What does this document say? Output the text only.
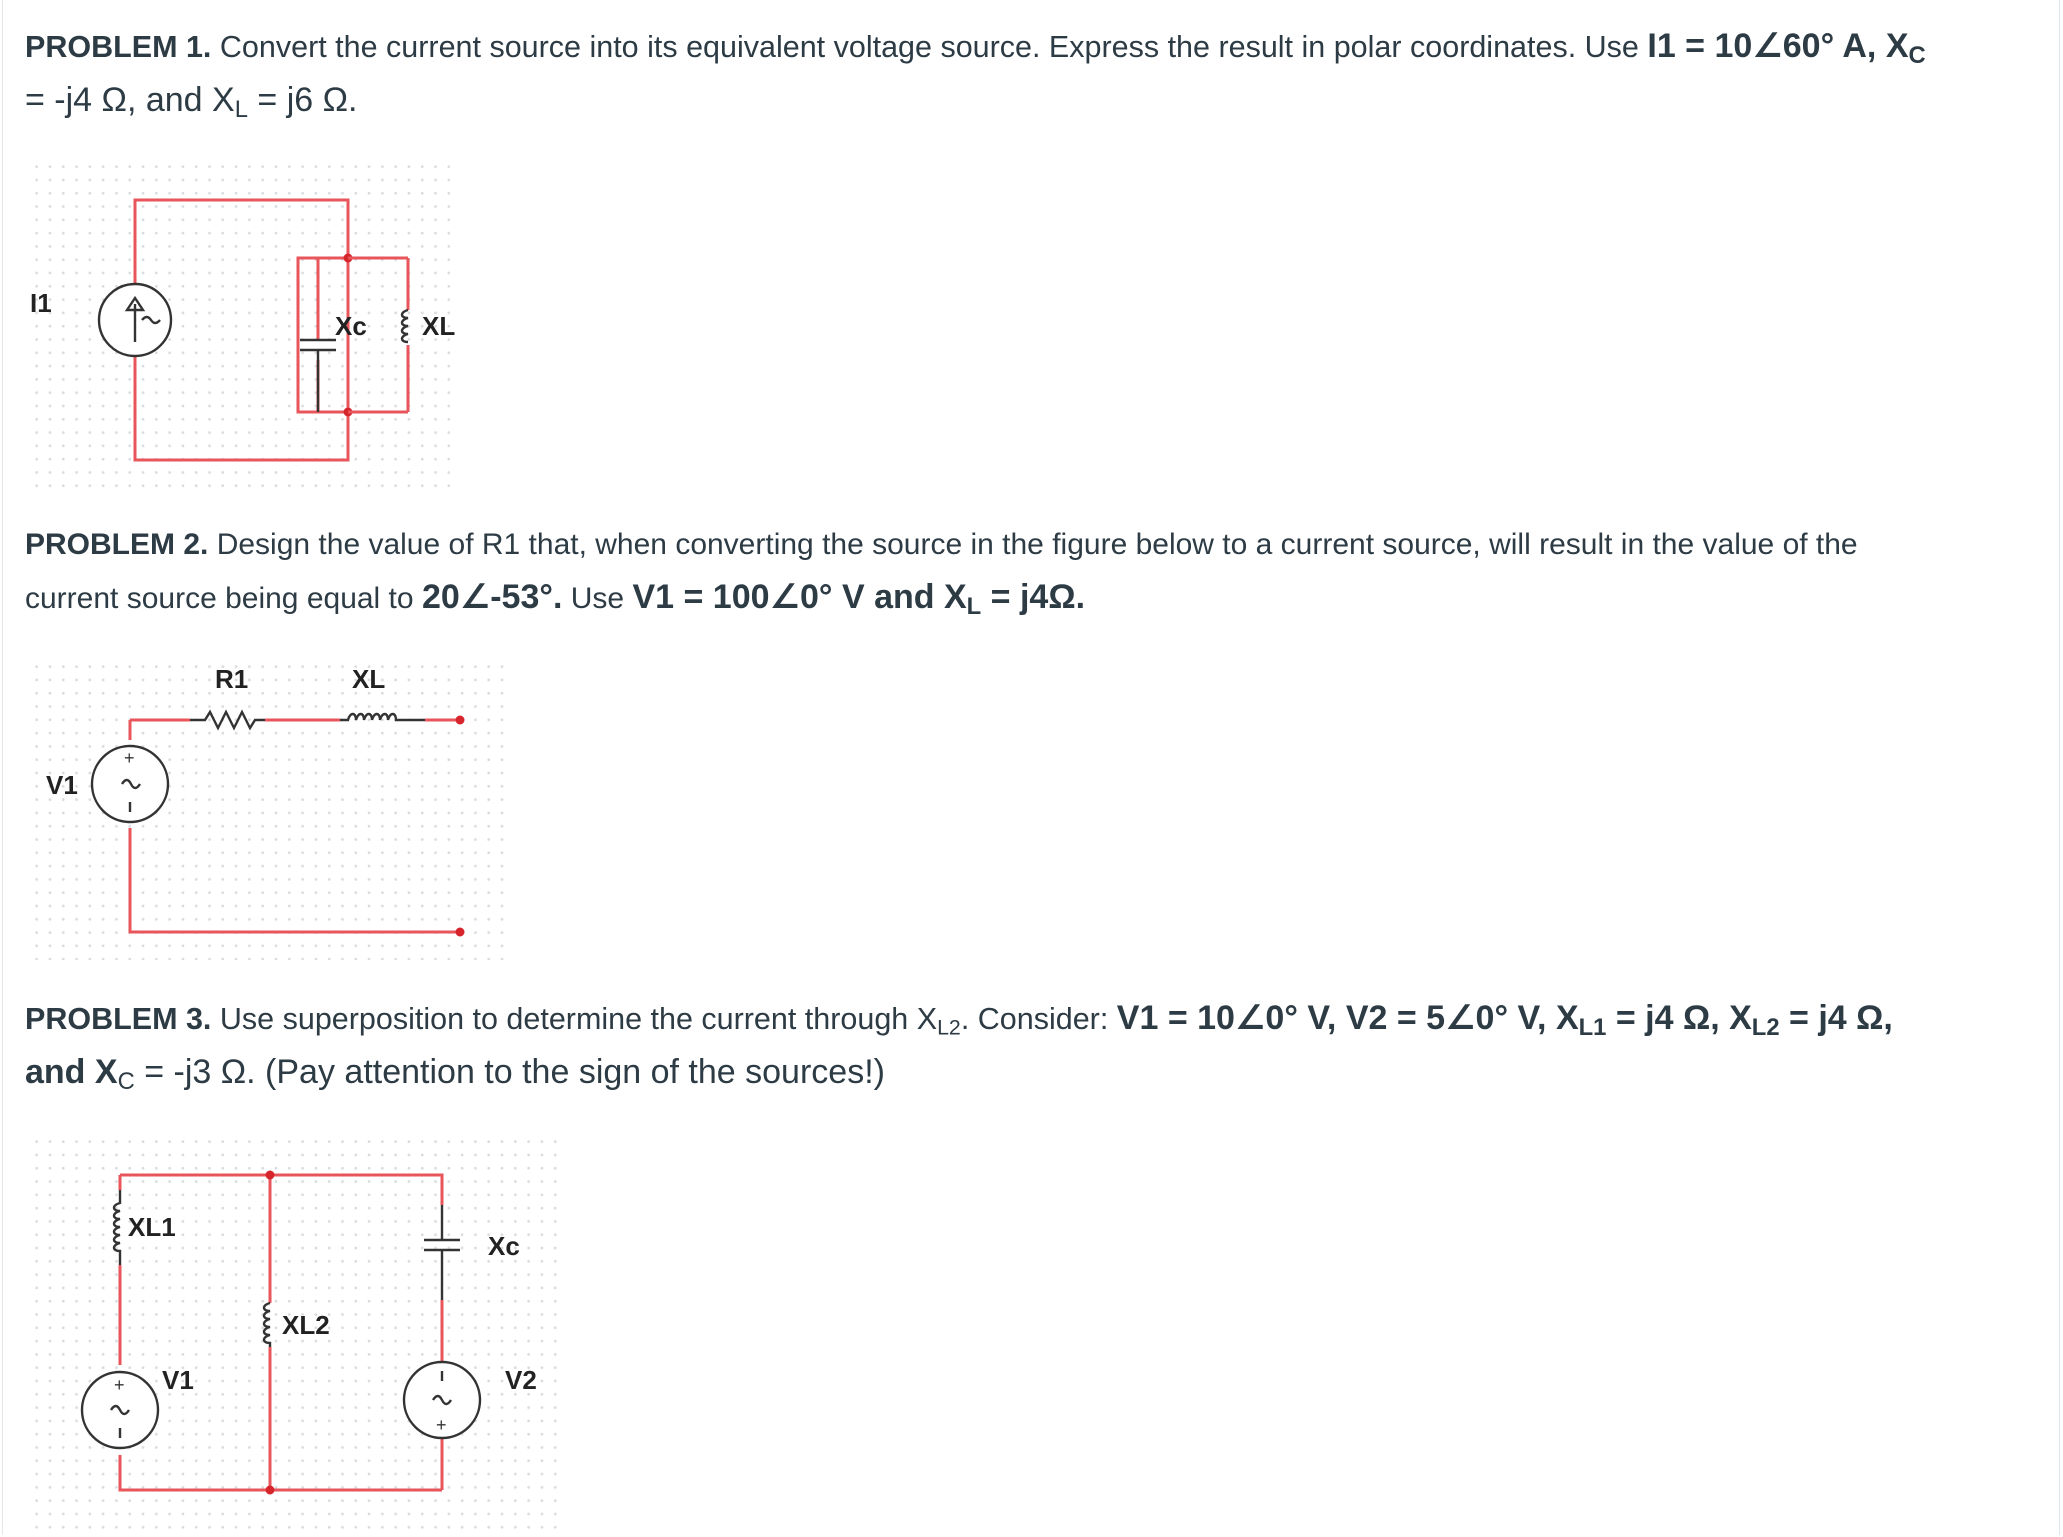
PROBLEM 1. Convert the current source into its equivalent voltage source. Express the result in polar coordinates. Use I1 = 10∠60° A, $X_C$
= -j4 Ω, and $X_L = j6$ Ω.
I1
Xc XL
PROBLEM 2. Design the value of R1 that, when converting the source in the figure below to a current source, will result in the value of the
current source being equal to 20∠-53°. Use V1 = 100∠0° V and $X_L = j4\Omega$.
+
R1	XL
V1
PROBLEM 3. Use superposition to determine the current through $X_{L2}$. Consider: V1 = 10∠0° V, V2 = 5∠0° V, $X_{L1} = j4$ Ω, $X_{L2} = j4$ Ω,
and $X_C = -j3$ Ω. (Pay attention to the sign of the sources!)
+
+
XL1
XL2
Xc
V1	V2
